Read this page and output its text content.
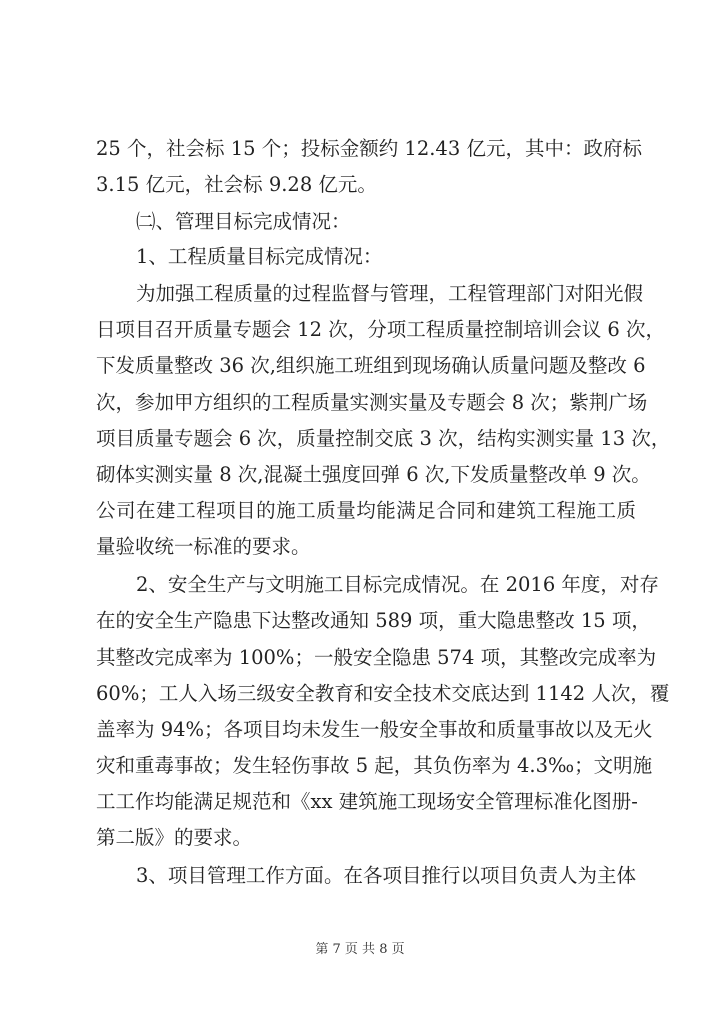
25 个，社会标 15 个；投标金额约 12.43 亿元，其中：政府标
3.15 亿元，社会标 9.28 亿元。
㈡、管理目标完成情况：
1、工程质量目标完成情况：
为加强工程质量的过程监督与管理，工程管理部门对阳光假
日项目召开质量专题会 12 次，分项工程质量控制培训会议 6 次，
下发质量整改 36 次,组织施工班组到现场确认质量问题及整改 6
次，参加甲方组织的工程质量实测实量及专题会 8 次；紫荆广场
项目质量专题会 6 次，质量控制交底 3 次，结构实测实量 13 次，
砌体实测实量 8 次,混凝土强度回弹 6 次,下发质量整改单 9 次。
公司在建工程项目的施工质量均能满足合同和建筑工程施工质
量验收统一标准的要求。
2、安全生产与文明施工目标完成情况。在 2016 年度，对存
在的安全生产隐患下达整改通知 589 项，重大隐患整改 15 项，
其整改完成率为 100%；一般安全隐患 574 项，其整改完成率为
60%；工人入场三级安全教育和安全技术交底达到 1142 人次，覆
盖率为 94%；各项目均未发生一般安全事故和质量事故以及无火
灾和重毒事故；发生轻伤事故 5 起，其负伤率为 4.3‰；文明施
工工作均能满足规范和《xx 建筑施工现场安全管理标准化图册-
第二版》的要求。
3、项目管理工作方面。在各项目推行以项目负责人为主体
第 7 页 共 8 页
